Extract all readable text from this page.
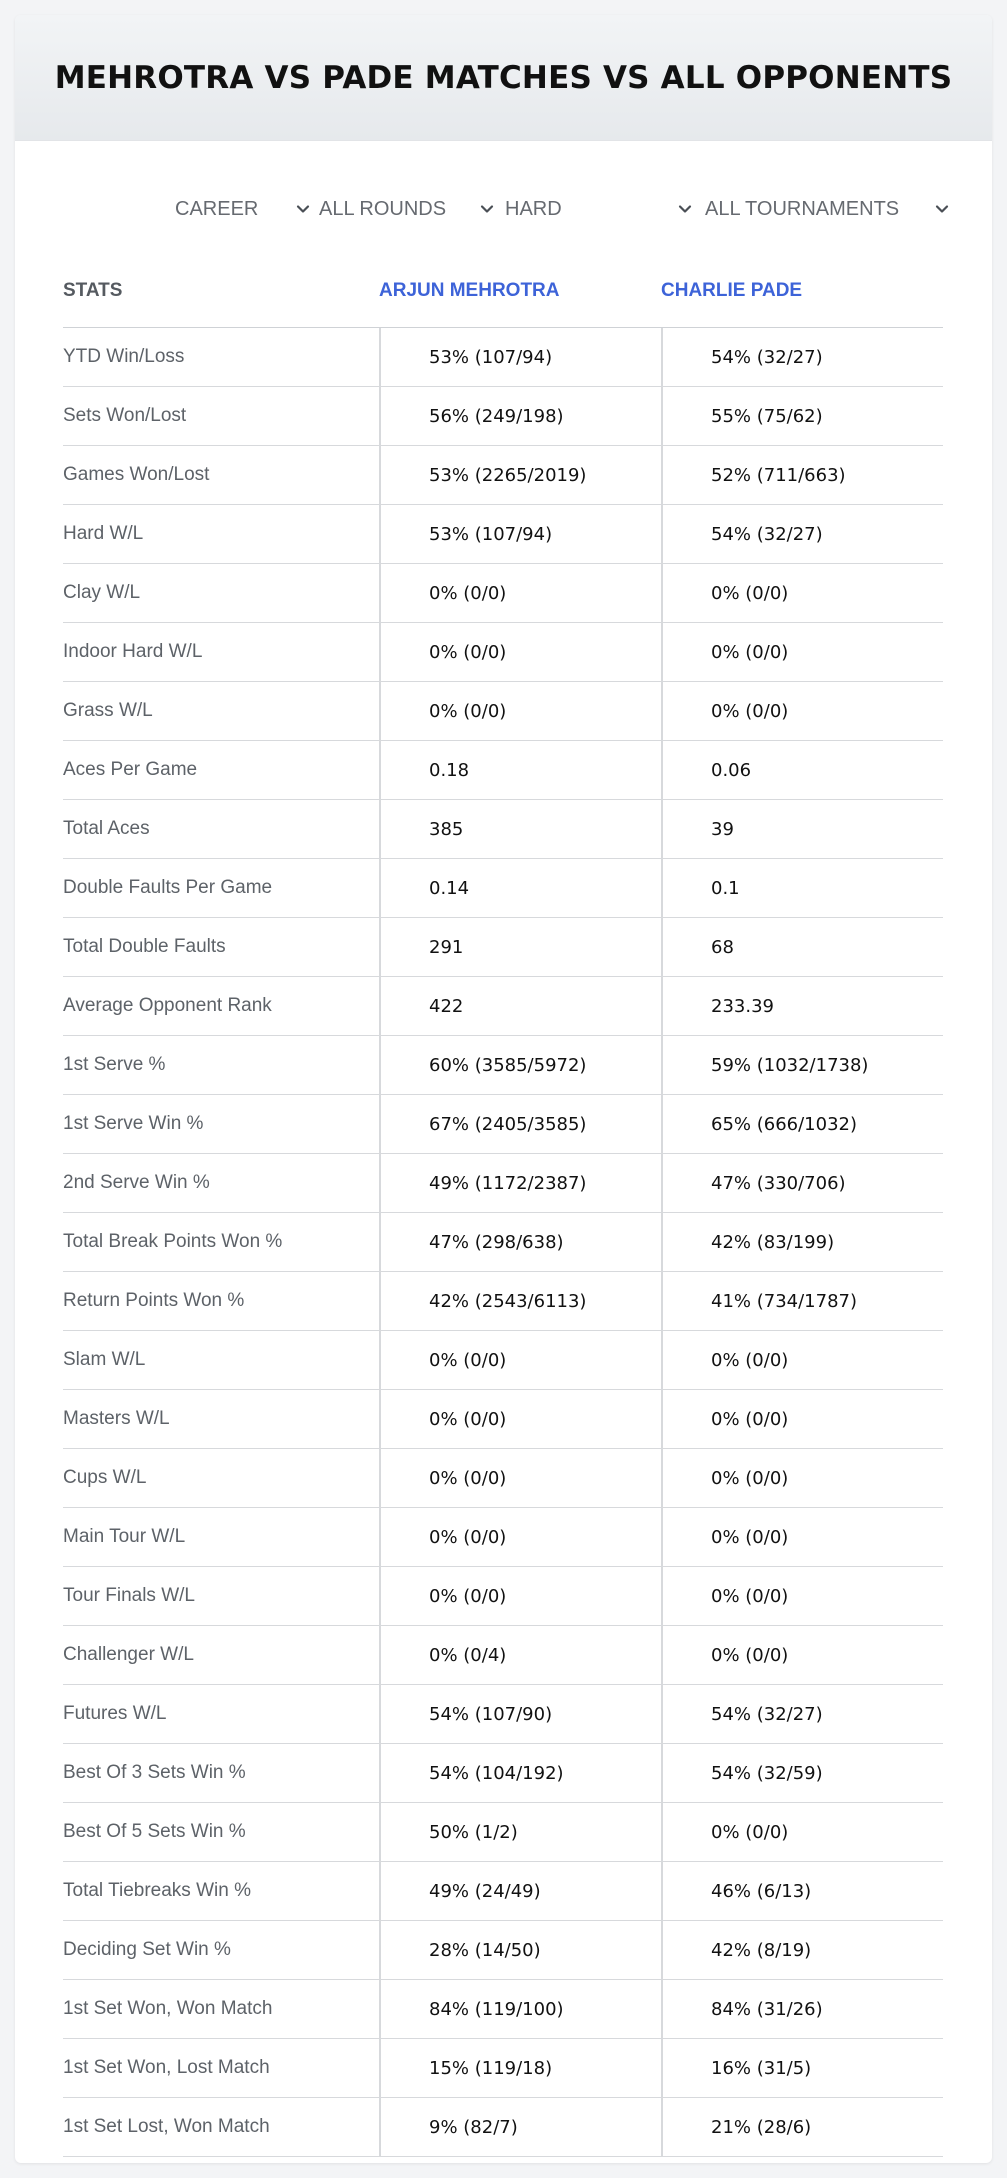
MEHROTRA VS PADE MATCHES VS ALL OPPONENTS
CAREER	ALL ROUNDS	HARD	ALL TOURNAMENTS
STATS	ARJUN MEHROTRA	CHARLIE PADE
YTD Win/Loss	53% (107/94)	54% (32/27)
Sets Won/Lost	56% (249/198)	55% (75/62)
Games Won/Lost	53% (2265/2019)	52% (711/663)
Hard W/L	53% (107/94)	54% (32/27)
Clay W/L	0% (0/0)	0% (0/0)
Indoor Hard W/L	0% (0/0)	0% (0/0)
Grass W/L	0% (0/0)	0% (0/0)
Aces Per Game	0.18	0.06
Total Aces	385	39
Double Faults Per Game	0.14	0.1
Total Double Faults	291	68
Average Opponent Rank	422	233.39
1st Serve %	60% (3585/5972)	59% (1032/1738)
1st Serve Win %	67% (2405/3585)	65% (666/1032)
2nd Serve Win %	49% (1172/2387)	47% (330/706)
Total Break Points Won %	47% (298/638)	42% (83/199)
Return Points Won %	42% (2543/6113)	41% (734/1787)
Slam W/L	0% (0/0)	0% (0/0)
Masters W/L	0% (0/0)	0% (0/0)
Cups W/L	0% (0/0)	0% (0/0)
Main Tour W/L	0% (0/0)	0% (0/0)
Tour Finals W/L	0% (0/0)	0% (0/0)
Challenger W/L	0% (0/4)	0% (0/0)
Futures W/L	54% (107/90)	54% (32/27)
Best Of 3 Sets Win %	54% (104/192)	54% (32/59)
Best Of 5 Sets Win %	50% (1/2)	0% (0/0)
Total Tiebreaks Win %	49% (24/49)	46% (6/13)
Deciding Set Win %	28% (14/50)	42% (8/19)
1st Set Won, Won Match	84% (119/100)	84% (31/26)
1st Set Won, Lost Match	15% (119/18)	16% (31/5)
1st Set Lost, Won Match	9% (82/7)	21% (28/6)
